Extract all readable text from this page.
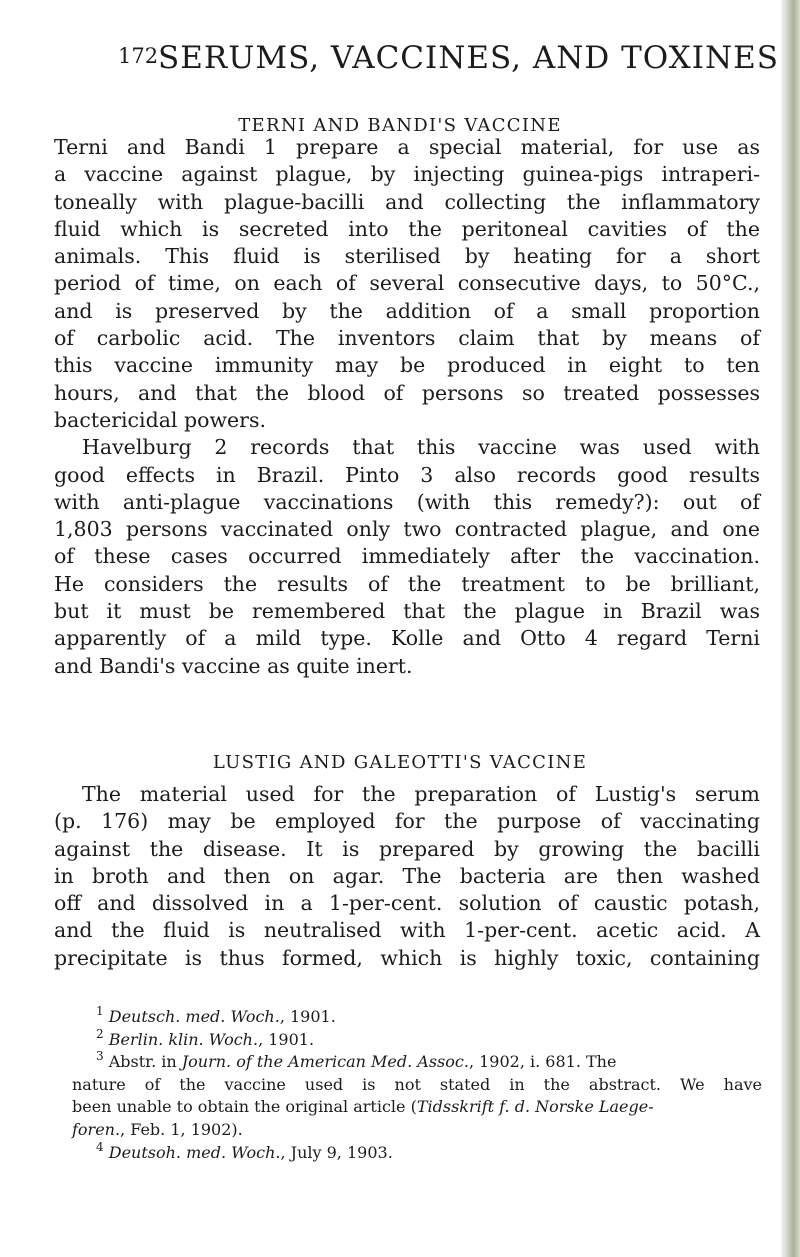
172 SERUMS, VACCINES, AND TOXINES
TERNI AND BANDI'S VACCINE
Terni and Bandi 1 prepare a special material, for use as
a vaccine against plague, by injecting guinea-pigs intraperi-
toneally with plague-bacilli and collecting the inflammatory
fluid which is secreted into the peritoneal cavities of the
animals. This fluid is sterilised by heating for a short
period of time, on each of several consecutive days, to 50°C.,
and is preserved by the addition of a small proportion
of carbolic acid. The inventors claim that by means of
this vaccine immunity may be produced in eight to ten
hours, and that the blood of persons so treated possesses
bactericidal powers.
Havelburg 2 records that this vaccine was used with
good effects in Brazil. Pinto 3 also records good results
with anti-plague vaccinations (with this remedy?): out of
1,803 persons vaccinated only two contracted plague, and one
of these cases occurred immediately after the vaccination.
He considers the results of the treatment to be brilliant,
but it must be remembered that the plague in Brazil was
apparently of a mild type. Kolle and Otto 4 regard Terni
and Bandi's vaccine as quite inert.
LUSTIG AND GALEOTTI'S VACCINE
The material used for the preparation of Lustig's serum
(p. 176) may be employed for the purpose of vaccinating
against the disease. It is prepared by growing the bacilli
in broth and then on agar. The bacteria are then washed
off and dissolved in a 1-per-cent. solution of caustic potash,
and the fluid is neutralised with 1-per-cent. acetic acid. A
precipitate is thus formed, which is highly toxic, containing
$^1$ Deutsch. med. Woch., 1901.
$^2$ Berlin. klin. Woch., 1901.
$^3$ Abstr. in Journ. of the American Med. Assoc., 1902, i. 681. The
nature of the vaccine used is not stated in the abstract. We have
been unable to obtain the original article (Tidsskrift f. d. Norske Laege-
foren., Feb. 1, 1902).
$^4$ Deutsoh. med. Woch., July 9, 1903.
